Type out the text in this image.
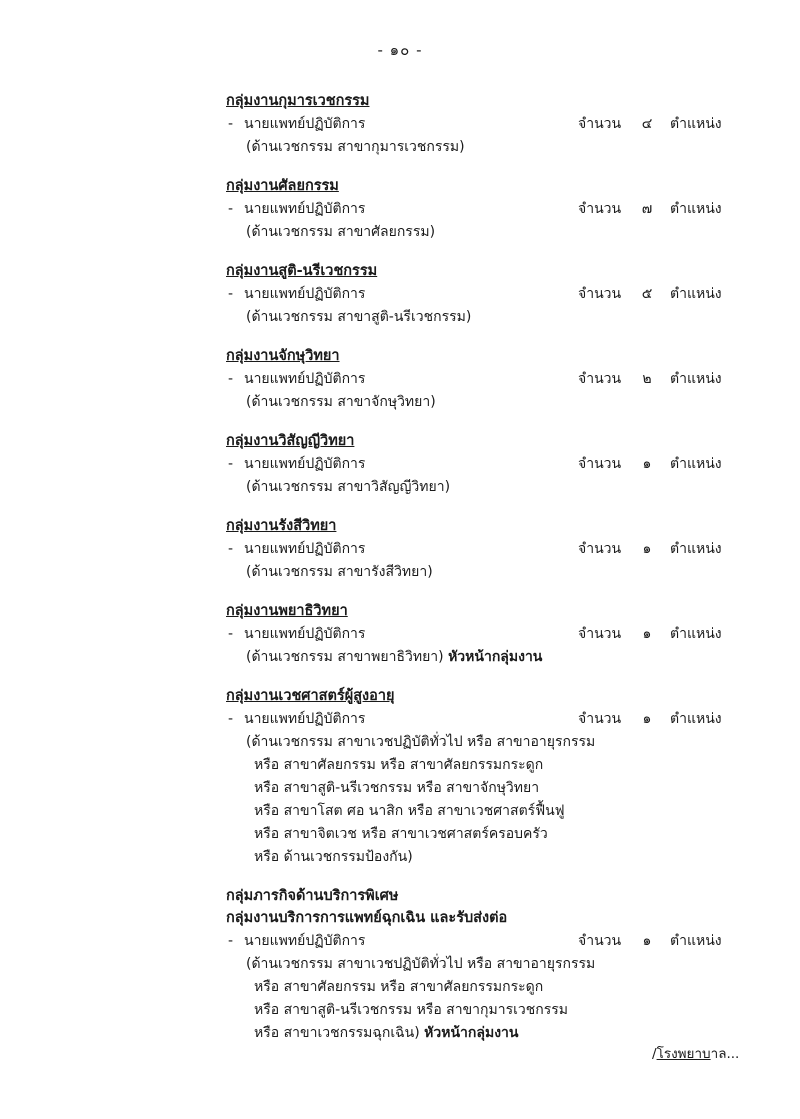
- ๑๐ -
กลุ่มงานกุมารเวชกรรม
- นายแพทย์ปฏิบัติการ	จำนวน ๔ ตำแหน่ง
(ด้านเวชกรรม สาขากุมารเวชกรรม)
กลุ่มงานศัลยกรรม
- นายแพทย์ปฏิบัติการ	จำนวน ๗ ตำแหน่ง
(ด้านเวชกรรม สาขาศัลยกรรม)
กลุ่มงานสูติ-นรีเวชกรรม
- นายแพทย์ปฏิบัติการ	จำนวน ๕ ตำแหน่ง
(ด้านเวชกรรม สาขาสูติ-นรีเวชกรรม)
กลุ่มงานจักษุวิทยา
- นายแพทย์ปฏิบัติการ	จำนวน	๒	ตำแหน่ง
(ด้านเวชกรรม สาขาจักษุวิทยา)
กลุ่มงานวิสัญญีวิทยา
- นายแพทย์ปฏิบัติการ	จำนวน	๑	ตำแหน่ง
(ด้านเวชกรรม สาขาวิสัญญีวิทยา)
กลุ่มงานรังสีวิทยา
- นายแพทย์ปฏิบัติการ	จำนวน	๑	ตำแหน่ง
(ด้านเวชกรรม สาขารังสีวิทยา)
กลุ่มงานพยาธิวิทยา
- นายแพทย์ปฏิบัติการ	จำนวน	๑	ตำแหน่ง
(ด้านเวชกรรม สาขาพยาธิวิทยา) หัวหน้ากลุ่มงาน
กลุ่มงานเวชศาสตร์ผู้สูงอายุ
- นายแพทย์ปฏิบัติการ	จำนวน	๑	ตำแหน่ง
(ด้านเวชกรรม สาขาเวชปฏิบัติทั่วไป หรือ สาขาอายุรกรรม
หรือ สาขาศัลยกรรม หรือ สาขาศัลยกรรมกระดูก
หรือ สาขาสูติ-นรีเวชกรรม หรือ สาขาจักษุวิทยา
หรือ สาขาโสต ศอ นาสิก หรือ สาขาเวชศาสตร์ฟื้นฟู
หรือ สาขาจิตเวช หรือ สาขาเวชศาสตร์ครอบครัว
หรือ ด้านเวชกรรมป้องกัน)
กลุ่มภารกิจด้านบริการพิเศษ
กลุ่มงานบริการการแพทย์ฉุกเฉิน และรับส่งต่อ
- นายแพทย์ปฏิบัติการ	จำนวน	๑	ตำแหน่ง
(ด้านเวชกรรม สาขาเวชปฏิบัติทั่วไป หรือ สาขาอายุรกรรม
หรือ สาขาศัลยกรรม หรือ สาขาศัลยกรรมกระดูก
หรือ สาขาสูติ-นรีเวชกรรม หรือ สาขากุมารเวชกรรม
หรือ สาขาเวชกรรมฉุกเฉิน) หัวหน้ากลุ่มงาน
/โรงพยาบาล...
